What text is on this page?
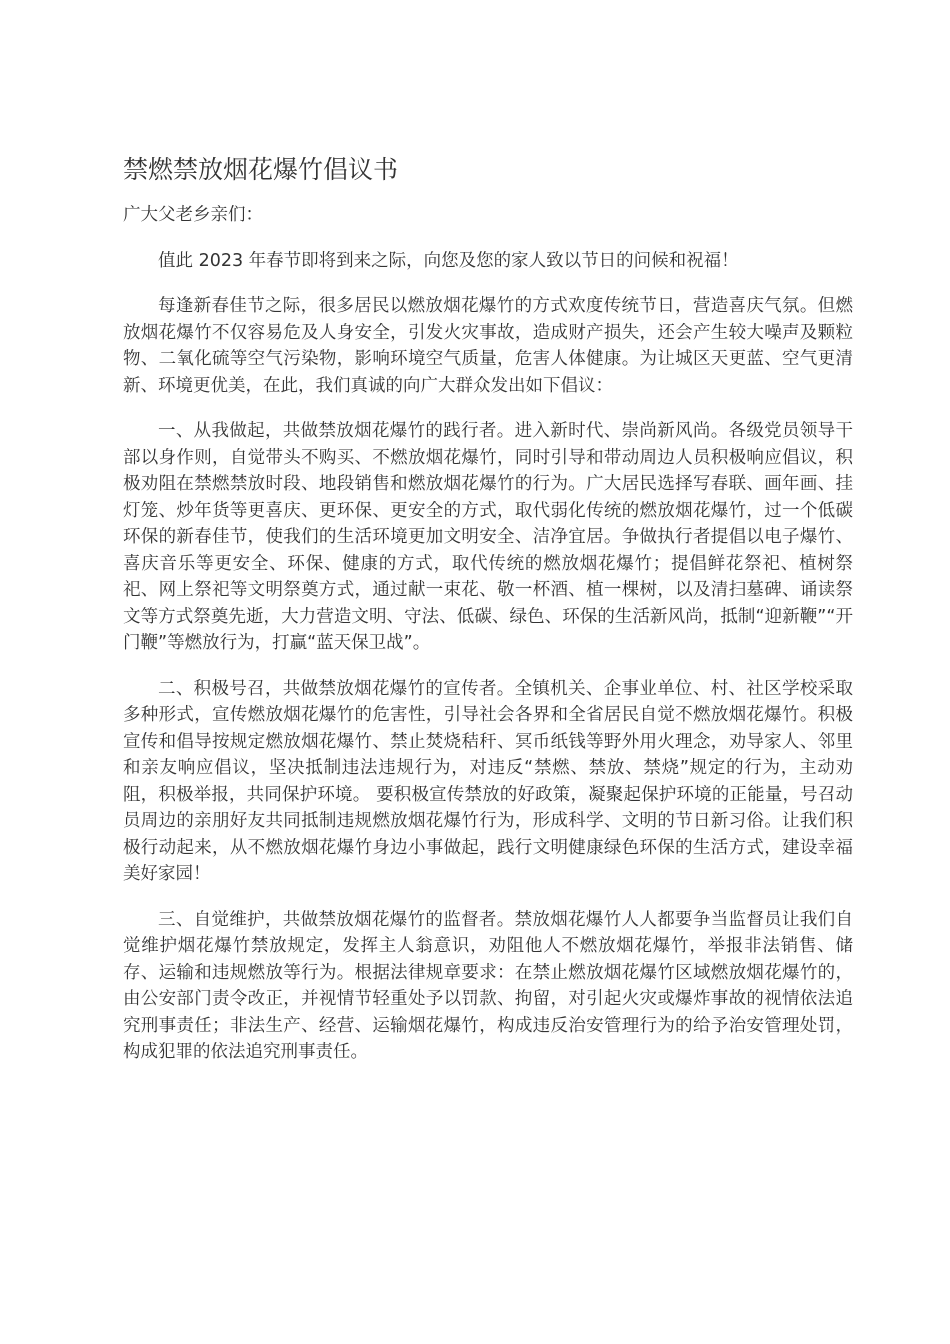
禁燃禁放烟花爆竹倡议书

广大父老乡亲们：

值此 2023 年春节即将到来之际，向您及您的家人致以节日的问候和祝福！

每逢新春佳节之际，很多居民以燃放烟花爆竹的方式欢度传统节日，营造喜庆气氛。但燃放烟花爆竹不仅容易危及人身安全，引发火灾事故，造成财产损失，还会产生较大噪声及颗粒物、二氧化硫等空气污染物，影响环境空气质量，危害人体健康。为让城区天更蓝、空气更清新、环境更优美，在此，我们真诚的向广大群众发出如下倡议：

一、从我做起，共做禁放烟花爆竹的践行者。进入新时代、崇尚新风尚。各级党员领导干部以身作则，自觉带头不购买、不燃放烟花爆竹，同时引导和带动周边人员积极响应倡议，积极劝阻在禁燃禁放时段、地段销售和燃放烟花爆竹的行为。广大居民选择写春联、画年画、挂灯笼、炒年货等更喜庆、更环保、更安全的方式，取代弱化传统的燃放烟花爆竹，过一个低碳环保的新春佳节，使我们的生活环境更加文明安全、洁净宜居。争做执行者提倡以电子爆竹、喜庆音乐等更安全、环保、健康的方式，取代传统的燃放烟花爆竹；提倡鲜花祭祀、植树祭祀、网上祭祀等文明祭奠方式，通过献一束花、敬一杯酒、植一棵树，以及清扫墓碑、诵读祭文等方式祭奠先逝，大力营造文明、守法、低碳、绿色、环保的生活新风尚，抵制“迎新鞭”“开门鞭”等燃放行为，打赢“蓝天保卫战”。

二、积极号召，共做禁放烟花爆竹的宣传者。全镇机关、企事业单位、村、社区学校采取多种形式，宣传燃放烟花爆竹的危害性，引导社会各界和全省居民自觉不燃放烟花爆竹。积极宣传和倡导按规定燃放烟花爆竹、禁止焚烧秸秆、冥币纸钱等野外用火理念，劝导家人、邻里和亲友响应倡议，坚决抵制违法违规行为，对违反“禁燃、禁放、禁烧”规定的行为，主动劝阻，积极举报，共同保护环境。 要积极宣传禁放的好政策，凝聚起保护环境的正能量，号召动员周边的亲朋好友共同抵制违规燃放烟花爆竹行为，形成科学、文明的节日新习俗。让我们积极行动起来，从不燃放烟花爆竹身边小事做起，践行文明健康绿色环保的生活方式，建设幸福美好家园！

三、自觉维护，共做禁放烟花爆竹的监督者。禁放烟花爆竹人人都要争当监督员让我们自觉维护烟花爆竹禁放规定，发挥主人翁意识，劝阻他人不燃放烟花爆竹，举报非法销售、储存、运输和违规燃放等行为。根据法律规章要求：在禁止燃放烟花爆竹区域燃放烟花爆竹的，由公安部门责令改正，并视情节轻重处予以罚款、拘留，对引起火灾或爆炸事故的视情依法追究刑事责任；非法生产、经营、运输烟花爆竹，构成违反治安管理行为的给予治安管理处罚，构成犯罪的依法追究刑事责任。
